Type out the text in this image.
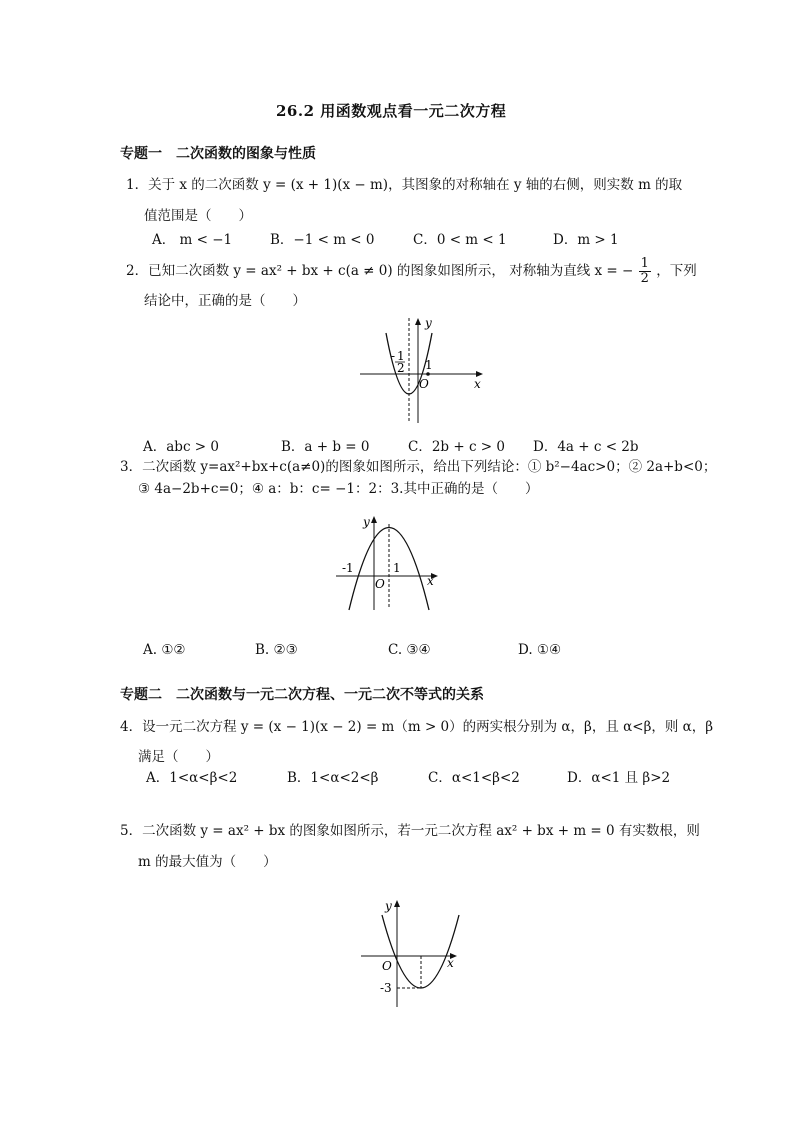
26.2 用函数观点看一元二次方程
专题一　二次函数的图象与性质
1．关于 x 的二次函数 y = (x + 1)(x − m)，其图象的对称轴在 y 轴的右侧，则实数 m 的取
值范围是（　　）
A． m < −1	B．−1 < m < 0	C．0 < m < 1	D．m > 1
2．已知二次函数 y = ax² + bx + c(a ≠ 0) 的图象如图所示， 对称轴为直线 x = − $\frac{1}{2}$ ，下列
结论中，正确的是（　　）
- 1
2 1
O	x
y
A．abc > 0	B．a + b = 0	C．2b + c > 0 D．4a + c < 2b
3．二次函数 y=ax²+bx+c(a≠0)的图象如图所示，给出下列结论：① b²−4ac>0；② 2a+b<0；
③ 4a−2b+c=0；④ a：b：c= −1：2：3.其中正确的是（　　）
-1	1
O	x
y
A. ①②	B. ②③	C. ③④	D. ①④
专题二　二次函数与一元二次方程、一元二次不等式的关系
4．设一元二次方程 y = (x − 1)(x − 2) = m（m > 0）的两实根分别为 α，β，且 α<β，则 α，β
满足（　　）
A．1<α<β<2	B．1<α<2<β	C．α<1<β<2	D．α<1 且 β>2
5．二次函数 y = ax² + bx 的图象如图所示，若一元二次方程 ax² + bx + m = 0 有实数根，则
m 的最大值为（　　）
-3
O	x
y
